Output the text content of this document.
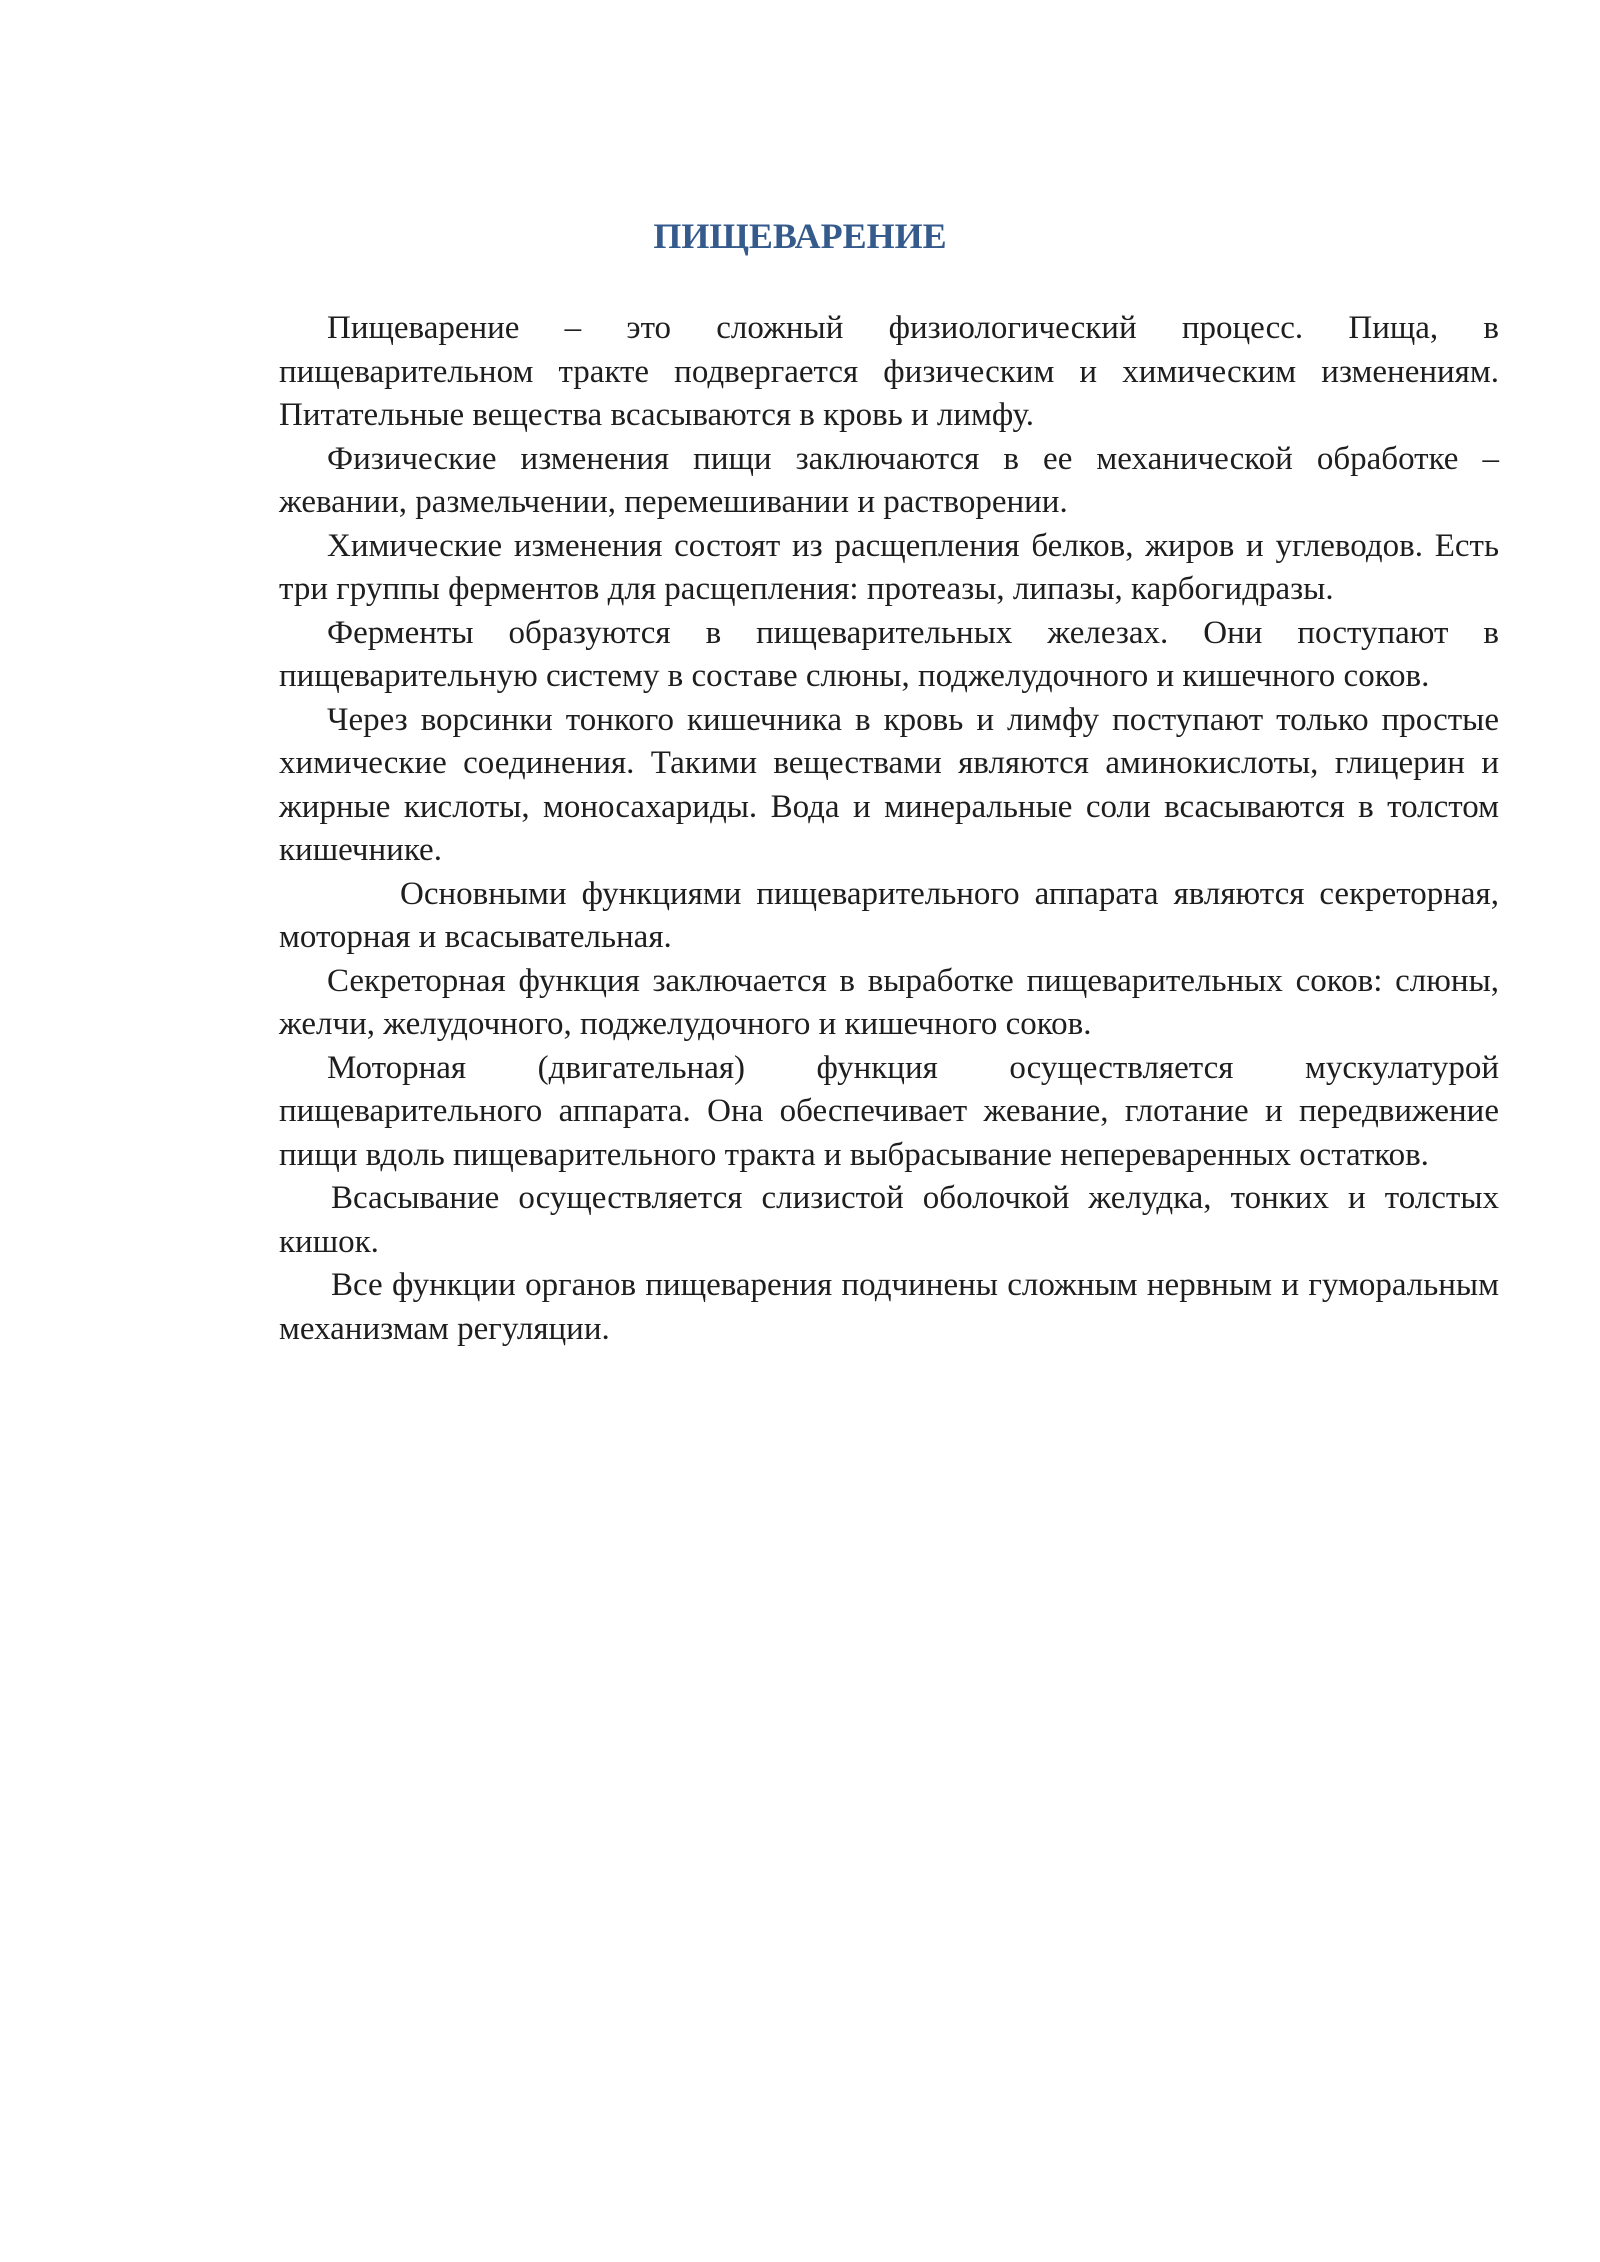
ПИЩЕВАРЕНИЕ

Пищеварение – это сложный физиологический процесс. Пища, в пищеварительном тракте подвергается физическим и химическим изменениям. Питательные вещества всасываются в кровь и лимфу.

Физические изменения пищи заключаются в ее механической обработке – жевании, размельчении, перемешивании и растворении.

Химические изменения состоят из расщепления белков, жиров и углеводов. Есть три группы ферментов для расщепления: протеазы, липазы, карбогидразы.

Ферменты образуются в пищеварительных железах. Они поступают в пищеварительную систему в составе слюны, поджелудочного и кишечного соков.

Через ворсинки тонкого кишечника в кровь и лимфу поступают только простые химические соединения. Такими веществами являются аминокислоты, глицерин и жирные кислоты, моносахариды. Вода и минеральные соли всасываются в толстом кишечнике.

Основными функциями пищеварительного аппарата являются секреторная, моторная и всасывательная.

Секреторная функция заключается в выработке пищеварительных соков: слюны, желчи, желудочного, поджелудочного и кишечного соков.

Моторная (двигательная) функция осуществляется мускулатурой пищеварительного аппарата. Она обеспечивает жевание, глотание и передвижение пищи вдоль пищеварительного тракта и выбрасывание непереваренных остатков.

Всасывание осуществляется слизистой оболочкой желудка, тонких и толстых кишок.

Все функции органов пищеварения подчинены сложным нервным и гуморальным механизмам регуляции.
